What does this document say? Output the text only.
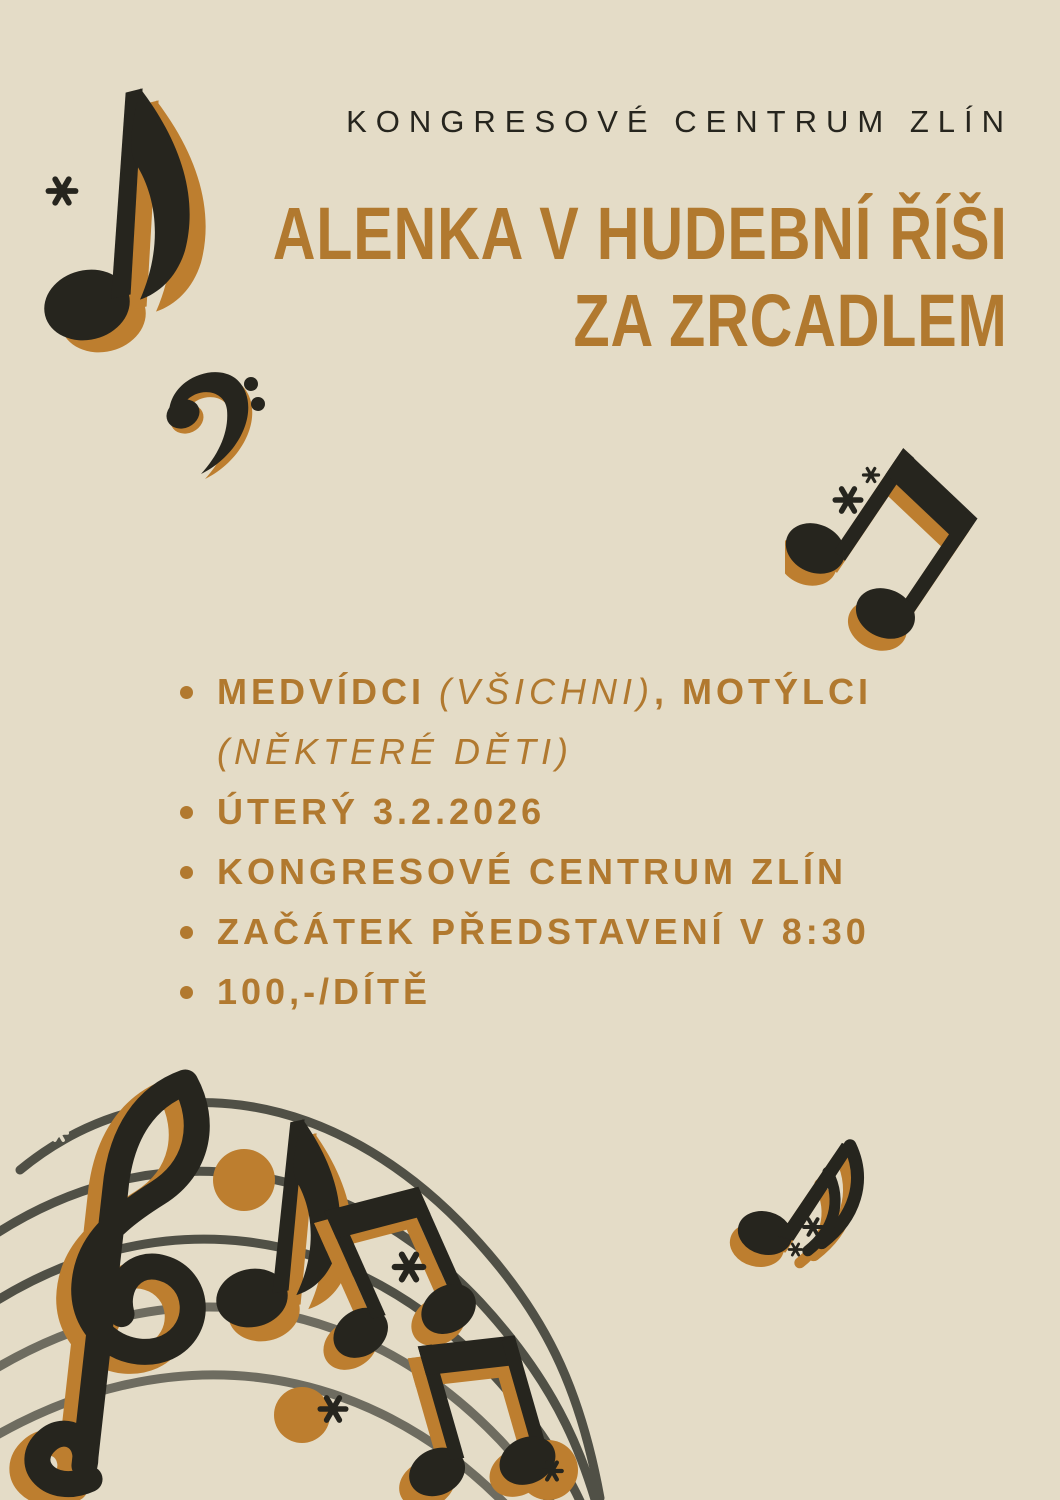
KONGRESOVÉ CENTRUM ZLÍN
ALENKA V HUDEBNÍ ŘÍŠI
ZA ZRCADLEM
MEDVÍDCI (VŠICHNI), MOTÝLCI
(NĚKTERÉ DĚTI)
ÚTERÝ 3.2.2026
KONGRESOVÉ CENTRUM ZLÍN
ZAČÁTEK PŘEDSTAVENÍ V 8:30
100,-/DÍTĚ
